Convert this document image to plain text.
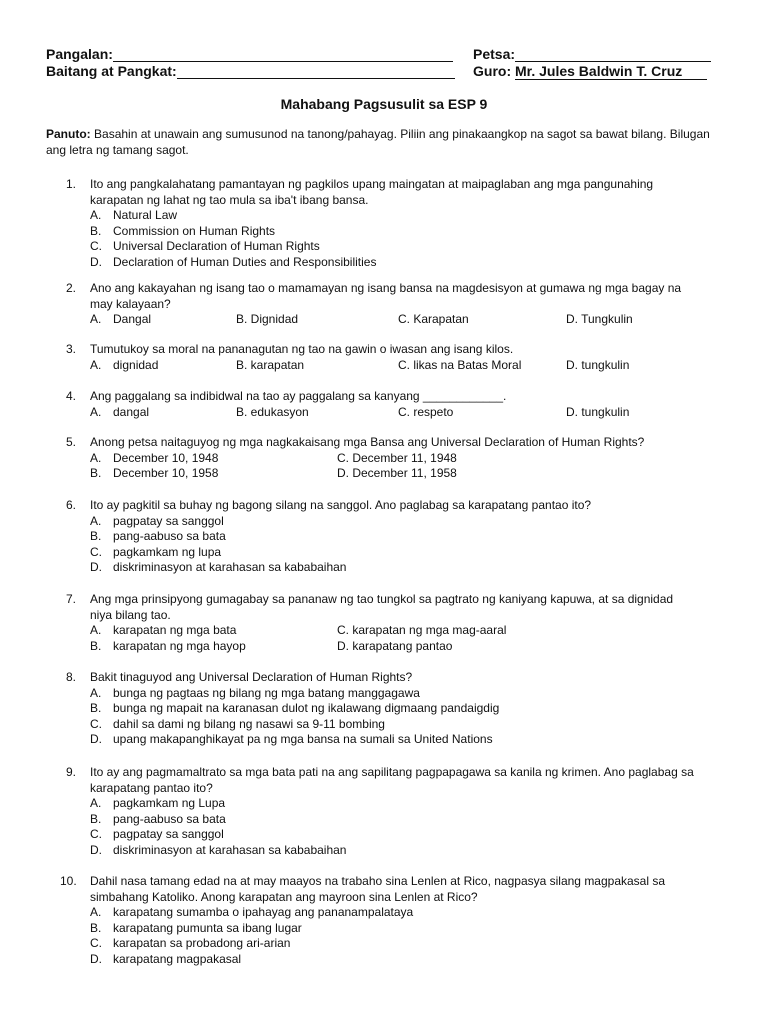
Pangalan:	Petsa:
Baitang at Pangkat:	Guro: Mr. Jules Baldwin T. Cruz
Mahabang Pagsusulit sa ESP 9
Panuto: Basahin at unawain ang sumusunod na tanong/pahayag. Piliin ang pinakaangkop na sagot sa bawat bilang. Bilugan ang letra ng tamang sagot.
1. Ito ang pangkalahatang pamantayan ng pagkilos upang maingatan at maipaglaban ang mga pangunahing
karapatan ng lahat ng tao mula sa iba't ibang bansa.
A. Natural Law
B. Commission on Human Rights
C. Universal Declaration of Human Rights
D. Declaration of Human Duties and Responsibilities
2. Ano ang kakayahan ng isang tao o mamamayan ng isang bansa na magdesisyon at gumawa ng mga bagay na
may kalayaan?
A. Dangal	B. Dignidad	C. Karapatan	D. Tungkulin
3. Tumutukoy sa moral na pananagutan ng tao na gawin o iwasan ang isang kilos.
A. dignidad	B. karapatan	C. likas na Batas Moral	D. tungkulin
4. Ang paggalang sa indibidwal na tao ay paggalang sa kanyang ____________.
A. dangal	B. edukasyon	C. respeto	D. tungkulin
5. Anong petsa naitaguyog ng mga nagkakaisang mga Bansa ang Universal Declaration of Human Rights?
A. December 10, 1948	C. December 11, 1948
B. December 10, 1958	D. December 11, 1958
6. Ito ay pagkitil sa buhay ng bagong silang na sanggol. Ano paglabag sa karapatang pantao ito?
A. pagpatay sa sanggol
B. pang-aabuso sa bata
C. pagkamkam ng lupa
D. diskriminasyon at karahasan sa kababaihan
7. Ang mga prinsipyong gumagabay sa pananaw ng tao tungkol sa pagtrato ng kaniyang kapuwa, at sa dignidad
niya bilang tao.
A. karapatan ng mga bata	C. karapatan ng mga mag-aaral
B. karapatan ng mga hayop	D. karapatang pantao
8. Bakit tinaguyod ang Universal Declaration of Human Rights?
A. bunga ng pagtaas ng bilang ng mga batang manggagawa
B. bunga ng mapait na karanasan dulot ng ikalawang digmaang pandaigdig
C. dahil sa dami ng bilang ng nasawi sa 9-11 bombing
D. upang makapanghikayat pa ng mga bansa na sumali sa United Nations
9. Ito ay ang pagmamaltrato sa mga bata pati na ang sapilitang pagpapagawa sa kanila ng krimen. Ano paglabag sa
karapatang pantao ito?
A. pagkamkam ng Lupa
B. pang-aabuso sa bata
C. pagpatay sa sanggol
D. diskriminasyon at karahasan sa kababaihan
10. Dahil nasa tamang edad na at may maayos na trabaho sina Lenlen at Rico, nagpasya silang magpakasal sa
simbahang Katoliko. Anong karapatan ang mayroon sina Lenlen at Rico?
A. karapatang sumamba o ipahayag ang pananampalataya
B. karapatang pumunta sa ibang lugar
C. karapatan sa probadong ari-arian
D. karapatang magpakasal
